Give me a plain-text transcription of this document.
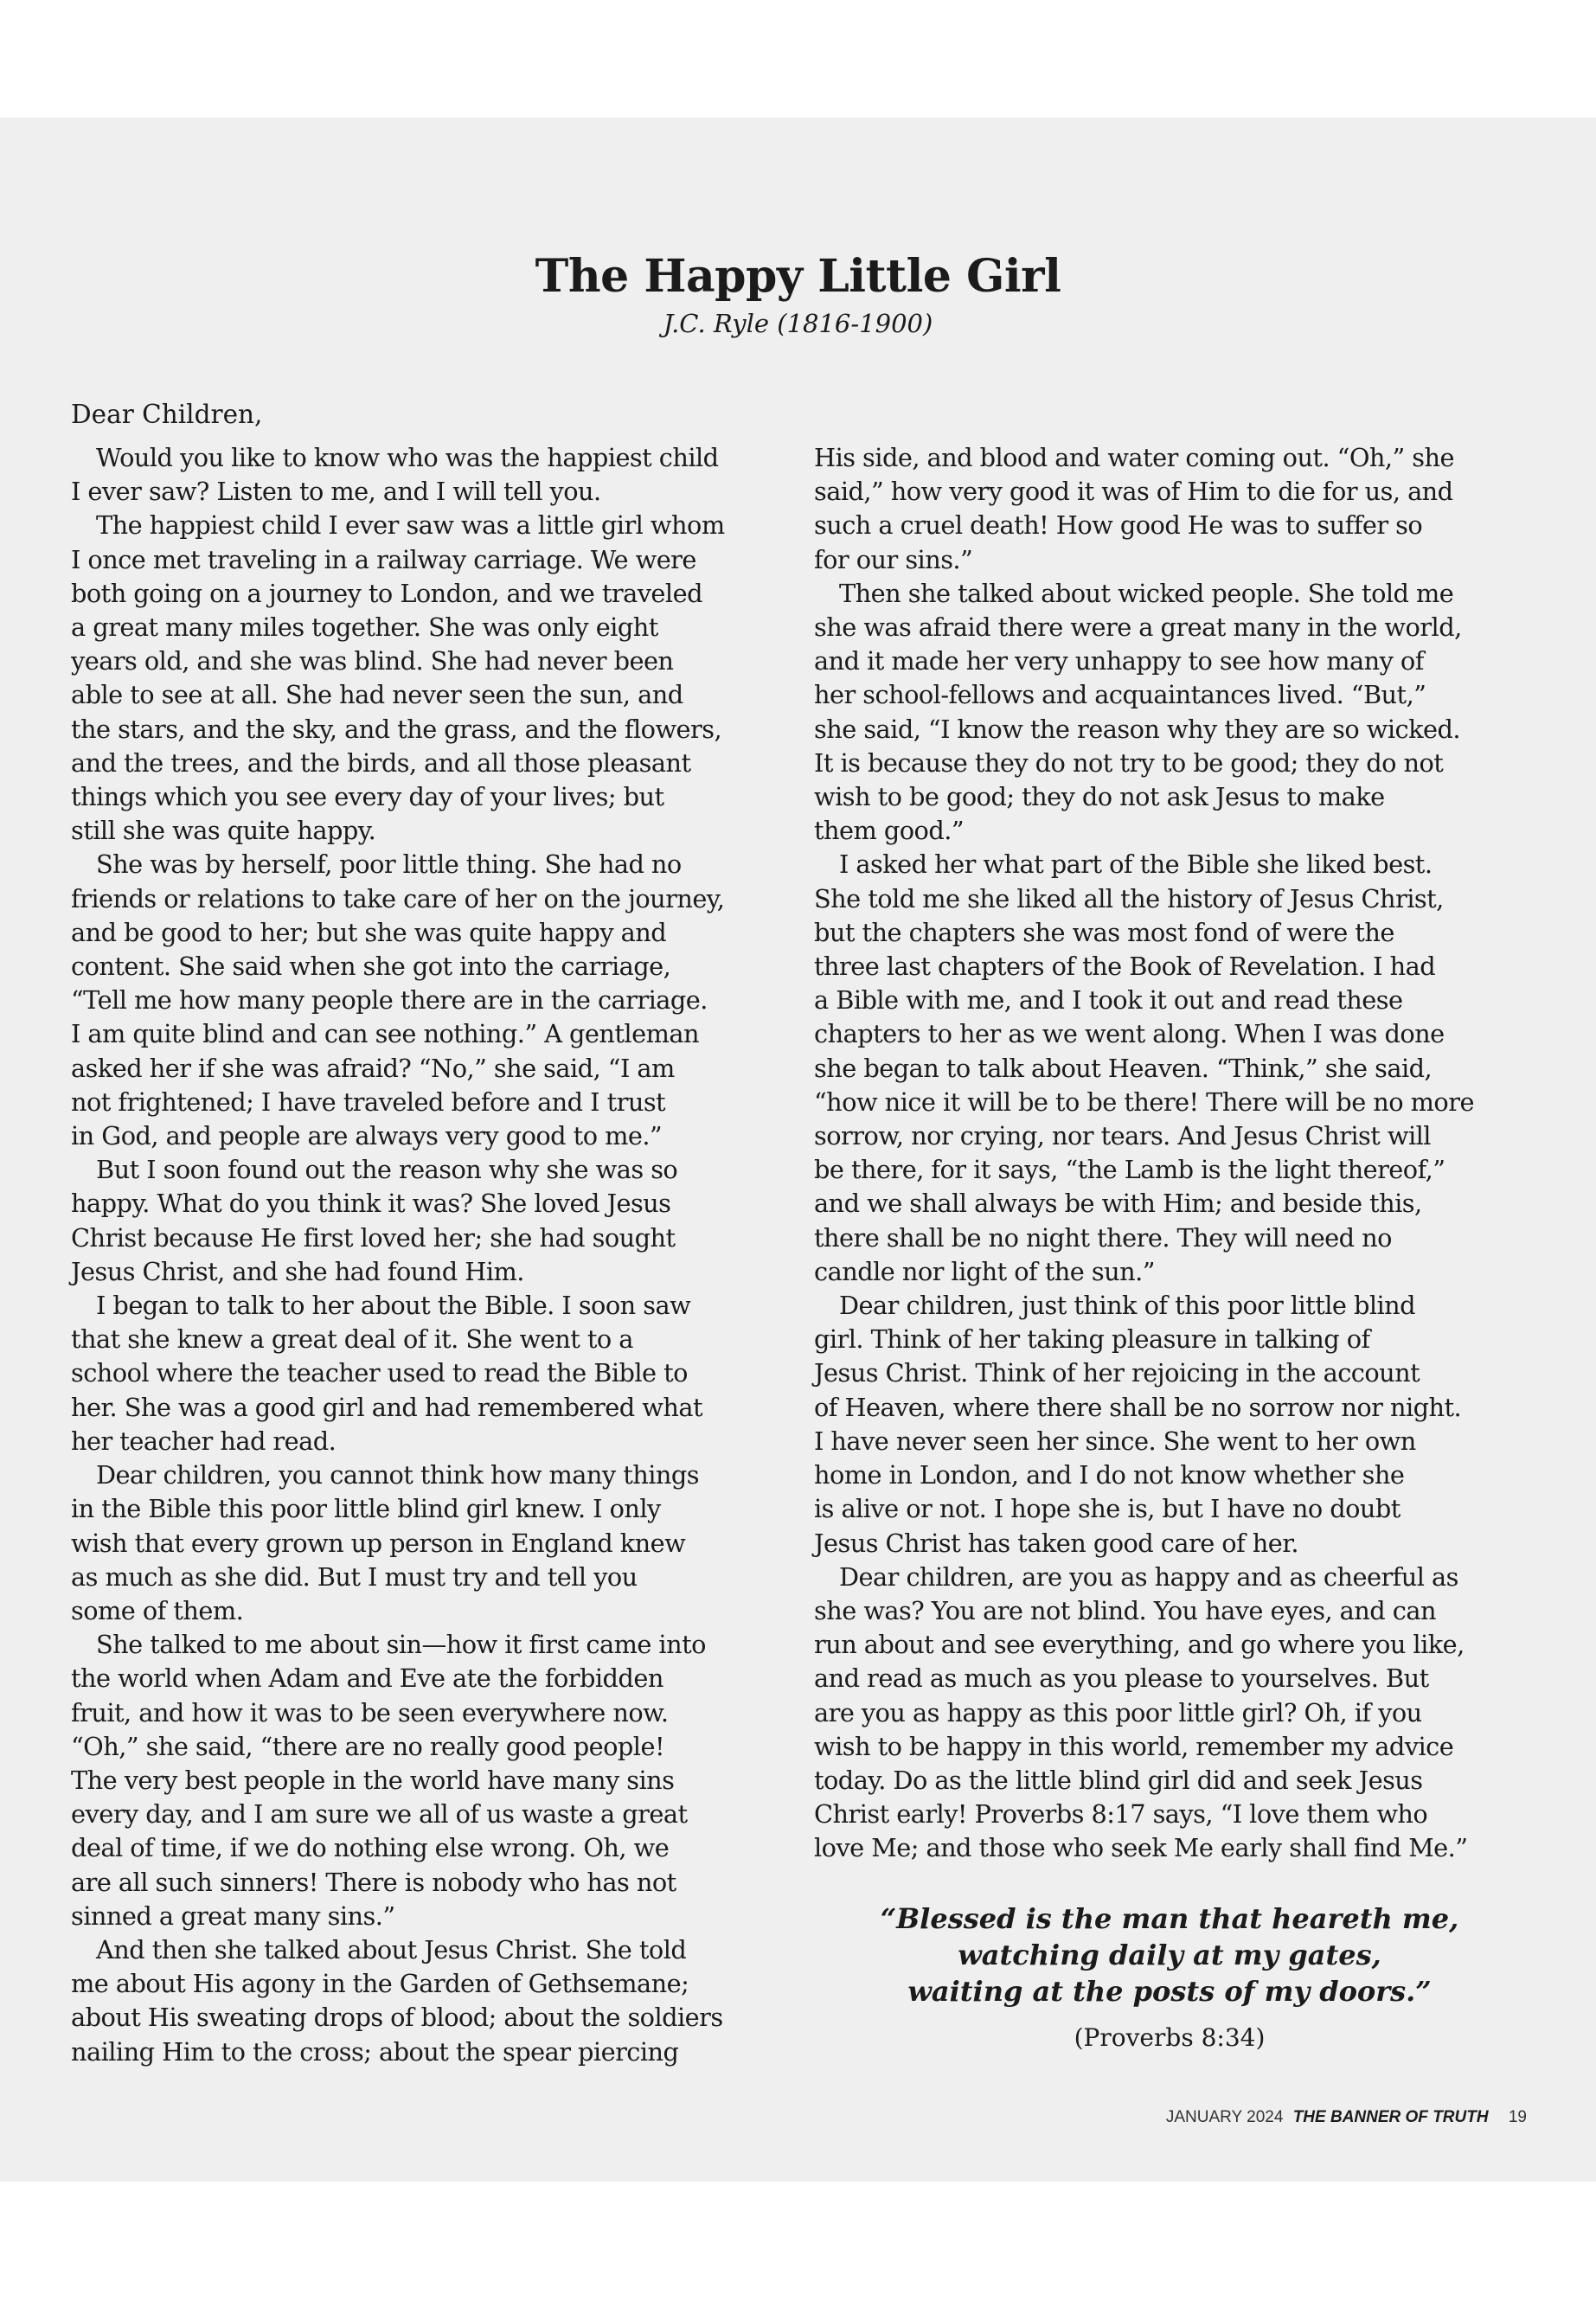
The Happy Little Girl
J.C. Ryle (1816-1900)
Dear Children,
Would you like to know who was the happiest child
I ever saw? Listen to me, and I will tell you.
The happiest child I ever saw was a little girl whom
I once met traveling in a railway carriage. We were
both going on a journey to London, and we traveled
a great many miles together. She was only eight
years old, and she was blind. She had never been
able to see at all. She had never seen the sun, and
the stars, and the sky, and the grass, and the flowers,
and the trees, and the birds, and all those pleasant
things which you see every day of your lives; but
still she was quite happy.
She was by herself, poor little thing. She had no
friends or relations to take care of her on the journey,
and be good to her; but she was quite happy and
content. She said when she got into the carriage,
“Tell me how many people there are in the carriage.
I am quite blind and can see nothing.” A gentleman
asked her if she was afraid? “No,” she said, “I am
not frightened; I have traveled before and I trust
in God, and people are always very good to me.”
But I soon found out the reason why she was so
happy. What do you think it was? She loved Jesus
Christ because He first loved her; she had sought
Jesus Christ, and she had found Him.
I began to talk to her about the Bible. I soon saw
that she knew a great deal of it. She went to a
school where the teacher used to read the Bible to
her. She was a good girl and had remembered what
her teacher had read.
Dear children, you cannot think how many things
in the Bible this poor little blind girl knew. I only
wish that every grown up person in England knew
as much as she did. But I must try and tell you
some of them.
She talked to me about sin—how it first came into
the world when Adam and Eve ate the forbidden
fruit, and how it was to be seen everywhere now.
“Oh,” she said, “there are no really good people!
The very best people in the world have many sins
every day, and I am sure we all of us waste a great
deal of time, if we do nothing else wrong. Oh, we
are all such sinners! There is nobody who has not
sinned a great many sins.”
And then she talked about Jesus Christ. She told
me about His agony in the Garden of Gethsemane;
about His sweating drops of blood; about the soldiers
nailing Him to the cross; about the spear piercing
His side, and blood and water coming out. “Oh,” she
said,” how very good it was of Him to die for us, and
such a cruel death! How good He was to suffer so
for our sins.”
Then she talked about wicked people. She told me
she was afraid there were a great many in the world,
and it made her very unhappy to see how many of
her school-fellows and acquaintances lived. “But,”
she said, “I know the reason why they are so wicked.
It is because they do not try to be good; they do not
wish to be good; they do not ask Jesus to make
them good.”
I asked her what part of the Bible she liked best.
She told me she liked all the history of Jesus Christ,
but the chapters she was most fond of were the
three last chapters of the Book of Revelation. I had
a Bible with me, and I took it out and read these
chapters to her as we went along. When I was done
she began to talk about Heaven. “Think,” she said,
“how nice it will be to be there! There will be no more
sorrow, nor crying, nor tears. And Jesus Christ will
be there, for it says, “the Lamb is the light thereof,”
and we shall always be with Him; and beside this,
there shall be no night there. They will need no
candle nor light of the sun.”
Dear children, just think of this poor little blind
girl. Think of her taking pleasure in talking of
Jesus Christ. Think of her rejoicing in the account
of Heaven, where there shall be no sorrow nor night.
I have never seen her since. She went to her own
home in London, and I do not know whether she
is alive or not. I hope she is, but I have no doubt
Jesus Christ has taken good care of her.
Dear children, are you as happy and as cheerful as
she was? You are not blind. You have eyes, and can
run about and see everything, and go where you like,
and read as much as you please to yourselves. But
are you as happy as this poor little girl? Oh, if you
wish to be happy in this world, remember my advice
today. Do as the little blind girl did and seek Jesus
Christ early! Proverbs 8:17 says, “I love them who
love Me; and those who seek Me early shall find Me.”
“Blessed is the man that heareth me,
watching daily at my gates,
waiting at the posts of my doors.”
(Proverbs 8:34)
JANUARY 2024 THE BANNER OF TRUTH 19
